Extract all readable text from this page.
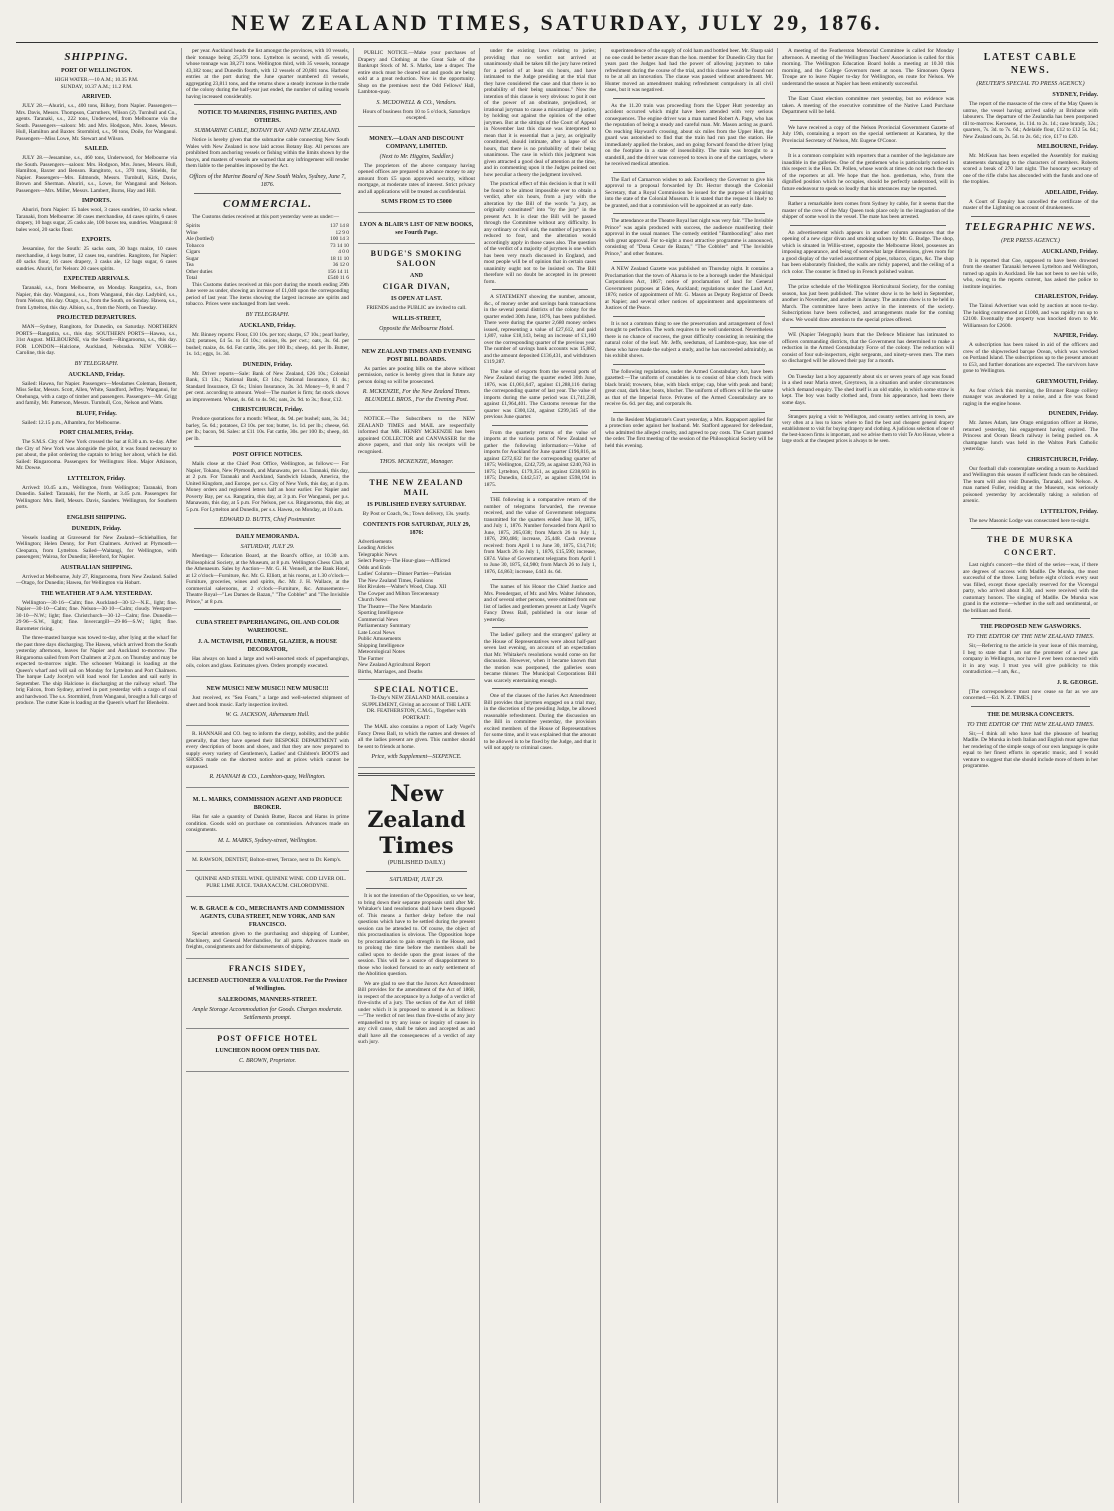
NEW ZEALAND TIMES, SATURDAY, JULY 29, 1876.
SHIPPING.
PORT OF WELLINGTON.
HIGH WATER.—10 A.M.; 10.35 P.M.
SUNDAY, 10.37 A.M.; 11.2 P.M.
ARRIVED.

JULY 28.—Ahuriri, s.s., 400 tons, Bilkey, from Napier. Passengers—Mrs. Davis, Messrs. Thompson, Carruthers, Wilson (2). Turnbull and Co., agents. Taranaki, s.s., 222 tons, Underwood, from Melbourne via the South. Passengers—saloon: Mr. and Mrs. Hodgson, Mrs. Jones, Messrs. Hull, Hamilton and Baxter. Stormbird, s.s., 90 tons, Doile, for Wanganui. Passengers—Miss Lowe, Mr. Stewart and Wilson.

SAILED.

JULY 28.—Jessamine, s.s., 460 tons, Underwood, for Melbourne via the South. Passengers—saloon: Mrs. Hodgson, Mrs. Jones, Messrs. Hull, Hamilton, Baxter and Benson. Rangitoto, s.s., 370 tons, Shields, for Napier. Passengers—Mrs. Edmonds, Messrs. Turnbull, Kirk, Davis, Brown and Sherman. Ahuriri, s.s., Lowe, for Wanganui and Nelson. Passengers—Mrs. Miller, Messrs. Lambert, Burns, Hay and Hill.

IMPORTS.

Ahuriri, from Napier: 15 bales wool, 3 cases sundries, 10 sacks wheat. Taranaki, from Melbourne: 30 cases merchandise, 44 cases spirits, 6 cases drapery, 10 bags sugar, 25 casks ale, 100 boxes tea, sundries. Wanganui: 8 bales wool, 20 sacks flour.

EXPORTS.

Jessamine, for the South: 25 sacks oats, 30 bags maize, 10 cases merchandise, 4 kegs butter, 12 cases tea, sundries. Rangitoto, for Napier: 40 sacks flour, 16 cases drapery, 3 casks ale, 12 bags sugar, 6 cases sundries. Ahuriri, for Nelson: 20 cases spirits.

EXPECTED ARRIVALS.

Taranaki, s.s., from Melbourne, on Monday. Rangatira, s.s., from Napier, this day. Wanganui, s.s., from Wanganui, this day. Ladybird, s.s., from Nelson, this day. Otago, s.s., from the South, on Sunday. Hawea, s.s., from Lyttelton, this day. Albion, s.s., from the North, on Tuesday.

PROJECTED DEPARTURES.

MAN—Sydney, Rangitoto, for Dunedin, on Saturday. NORTHERN PORTS—Rangatira, s.s., this day. SOUTHERN PORTS—Hawea, s.s., 31st August. MELBOURNE, via the South—Ringarooma, s.s., this day. FOR LONDON—Halcione, Auckland, Nebraska. NEW YORK—Caroline, this day.

BY TELEGRAPH.
AUCKLAND, Friday.

Sailed: Hawea, for Napier. Passengers—Mesdames Coleman, Bennett, Miss Sellar, Messrs. Scott, Allen, White, Sandford, Jeffrey. Wanganui, for Onehunga, with a cargo of timber and passengers. Passengers—Mr. Grigg and family, Mr. Patterson, Messrs. Turnbull, Cox, Nelson and Watts.

BLUFF, Friday.

Sailed: 12.15 p.m., Alhambra, for Melbourne.

PORT CHALMERS, Friday.

The S.M.S. City of New York crossed the bar at 8.30 a.m. to-day. After the City of New York was alongside the pilot, it was found necessary to put about, the pilot ordering the captain to bring her about, which he did. Sailed: Ringarooma. Passengers for Wellington: Hon. Major Atkinson, Mr. Dowse.

LYTTELTON, Friday.

Arrived: 10.45 a.m., Wellington, from Wellington; Taranaki, from Dunedin. Sailed: Taranaki, for the North, at 3.45 p.m. Passengers for Wellington: Mrs. Bell, Messrs. Davis, Sanders. Wellington, for Southern ports.

ENGLISH SHIPPING.
DUNEDIN, Friday.

Vessels loading at Gravesend for New Zealand—Schiehallion, for Wellington; Helen Denny, for Port Chalmers. Arrived at Plymouth—Cleopatra, from Lyttelton. Sailed—Waitangi, for Wellington, with passengers; Wairoa, for Dunedin; Hereford, for Napier.

AUSTRALIAN SHIPPING.

Arrived at Melbourne, July 27, Ringarooma, from New Zealand. Sailed—Otago, for Dunedin; Hawea, for Wellington via Hobart.

THE WEATHER AT 9 A.M. YESTERDAY.

Wellington—30·16—Calm; fine. Auckland—30·12—N.E., light; fine. Napier—30·10—Calm; fine. Nelson—30·10—Calm; cloudy. Westport—30·10—N.W.; light; fine. Christchurch—30·12—Calm; fine. Dunedin—29·96—S.W., light; fine. Invercargill—29·86—S.W.; light; fine. Barometer rising.

The three-masted barque was towed to-day, after lying at the wharf for the past three days discharging. The Hawea, which arrived from the South yesterday afternoon, leaves for Napier and Auckland to-morrow. The Ringarooma sailed from Port Chalmers at 2 p.m. on Thursday and may be expected to-morrow night. The schooner Waitangi is loading at the Queen's wharf and will sail on Monday for Lyttelton and Port Chalmers. The barque Lady Jocelyn will load wool for London and sail early in September. The ship Halcione is discharging at the railway wharf. The brig Falcon, from Sydney, arrived in port yesterday with a cargo of coal and hardwood. The s.s. Stormbird, from Wanganui, brought a full cargo of produce. The cutter Kate is loading at the Queen's wharf for Blenheim.

per year. Auckland heads the list amongst the provinces, with 10 vessels, their tonnage being 25,379 tons. Lyttelton is second, with 45 vessels, whose tonnage was 38,271 tons. Wellington third, with 35 vessels, tonnage 43,182 tons; and Dunedin fourth, with 12 vessels of 20,881 tons. Harbour entries at the port during the June quarter numbered 41 vessels, aggregating 23,811 tons, and the returns show a steady increase in the trade of the colony during the half-year just ended, the number of sailing vessels having increased considerably.

NOTICE TO MARINERS, FISHING PARTIES, AND OTHERS.
SUBMARINE CABLE, BOTANY BAY AND NEW ZEALAND.

Notice is hereby given that the submarine cable connecting New South Wales with New Zealand is now laid across Botany Bay. All persons are prohibited from anchoring vessels or fishing within the limits shown by the buoys, and masters of vessels are warned that any infringement will render them liable to the penalties imposed by the Act.

Offices of the Marine Board of New South Wales, Sydney, June 7, 1876.
COMMERCIAL.

The Customs duties received at this port yesterday were as under:—

Spirits	137 14 8
Wine	12 9 0
Ale (bottled)	100 14 3
Tobacco	73 14 10
Cigars	4 0 0
Sugar	18 11 10
Tea	36 12 0
Other duties	156 14 11
Total	£540 11 6

This Customs duties received at this port during the month ending 29th June were as under, showing an increase of £1,040 upon the corresponding period of last year. The items showing the largest increase are spirits and tobacco. Prices were unchanged from last week.

BY TELEGRAPH.
AUCKLAND, Friday.

Mr. Binney reports: Flour, £10 10s. per ton; sharps, £7 10s.; pearl barley, £24; potatoes, £4 5s. to £4 10s.; onions, 8s. per cwt.; oats, 3s. 6d. per bushel; maize, 4s. 6d. Fat cattle, 30s. per 100 lb.; sheep, 4d. per lb. Butter, 1s. 1d.; eggs, 1s. 3d.

DUNEDIN, Friday.

Mr. Driver reports—Sale: Bank of New Zealand, £26 10s.; Colonial Bank, £1 13s.; National Bank, £3 14s.; National Insurance, £1 4s.; Standard Insurance, £3 6s.; Union Insurance, 3s. 3d. Money—9, 8 and 7 per cent. according to amount. Wool—The market is firm; fat stock shows an improvement. Wheat, 4s. 6d. to 4s. 9d.; oats, 2s. 9d. to 3s.; flour, £12.

CHRISTCHURCH, Friday.

Produce quotations for a month: Wheat, 4s. 9d. per bushel; oats, 3s. 3d.; barley, 5s. 6d.; potatoes, £3 10s. per ton; butter, 1s. 1d. per lb.; cheese, 6d. per lb.; bacon, 9d. Sales: at £11 10s. Fat cattle, 30s. per 100 lb.; sheep, 4d. per lb.

POST OFFICE NOTICES.

Mails close at the Chief Post Office, Wellington, as follows:— For Napier, Tokano, New Plymouth, and Manawatu, per s.s. Taranaki, this day, at 2 p.m. For Taranaki and Auckland, Sandwich Islands, America, the United Kingdom, and Europe, per s.s. City of New York, this day, at 4 p.m. Money orders and registered letters half an hour earlier. For Napier and Poverty Bay, per s.s. Rangatira, this day, at 3 p.m. For Wanganui, per p.s. Manawatu, this day, at 5 p.m. For Nelson, per s.s. Ringarooma, this day, at 5 p.m. For Lyttelton and Dunedin, per s.s. Hawea, on Monday, at 10 a.m.

EDWARD D. BUTTS, Chief Postmaster.
DAILY MEMORANDA.
SATURDAY, JULY 29.

Meetings— Education Board, at the Board's office, at 10.30 a.m. Philosophical Society, at the Museum, at 8 p.m. Wellington Chess Club, at the Athenaeum. Sales by Auction— Mr. G. H. Vennell, at the Bank Hotel, at 12 o'clock—Furniture, &c. Mr. G. Elliott, at his rooms, at 1.30 o'clock—Furniture, groceries, wines and spirits, &c. Mr. J. H. Wallace, at the commercial salerooms, at 2 o'clock—Furniture, &c. Amusements— Theatre Royal—"Les Dames de Bazan," "The Cobbler" and "The Invisible Prince," at 8 p.m.

CUBA STREET PAPERHANGING, OIL AND COLOR WAREHOUSE.
J. A. MCTAVISH, PLUMBER, GLAZIER, & HOUSE DECORATOR,

Has always on hand a large and well-assorted stock of paperhangings, oils, colors and glass. Estimates given. Orders promptly executed.

NEW MUSIC! NEW MUSIC!! NEW MUSIC!!!

Just received, ex "Sea Foam," a large and well-selected shipment of sheet and book music. Early inspection invited.

W. G. JACKSON, Athenaeum Hall.

R. HANNAH and CO. beg to inform the clergy, nobility, and the public generally, that they have opened their BESPOKE DEPARTMENT with every description of boots and shoes, and that they are now prepared to supply every variety of Gentlemen's, Ladies' and Children's BOOTS and SHOES made on the shortest notice and at prices which cannot be surpassed.

R. HANNAH & CO., Lambton-quay, Wellington.
M. L. MARKS, COMMISSION AGENT AND PRODUCE BROKER.

Has for sale a quantity of Danish Butter, Bacon and Hams in prime condition. Goods sold on purchase on commission. Advances made on consignments.

M. L. MARKS, Sydney-street, Wellington.

M. RAWSON, DENTIST, Bolton-street, Terrace, next to Dr. Kemp's.

QUININE AND STEEL WINE. QUININE WINE. COD LIVER OIL. PURE LIME JUICE. TARAXACUM. CHLORODYNE.

W. B. GRACE & CO., MERCHANTS AND COMMISSION AGENTS, CUBA STREET, NEW YORK, AND SAN FRANCISCO.

Special attention given to the purchasing and shipping of Lumber, Machinery, and General Merchandise, for all parts. Advances made on freights, consignments and for disbursements of shipping.

FRANCIS SIDEY,
LICENSED AUCTIONEER & VALUATOR. For the Province of Wellington.
SALEROOMS, MANNERS-STREET.
Ample Storage Accommodation for Goods. Charges moderate. Settlements prompt.
POST OFFICE HOTEL
LUNCHEON ROOM OPEN THIS DAY.
C. BROWN, Proprietor.

PUBLIC NOTICE.—Make your purchases of Drapery and Clothing at the Great Sale of the Bankrupt Stock of M. S. Marks, late a draper. The entire stock must be cleared out and goods are being sold at a great reduction. Now is the opportunity. Shop on the premises next the Odd Fellows' Hall, Lambton-quay.

S. MCDOWELL & CO., Vendors.
Hours of business from 10 to 5 o'clock, Saturdays excepted.
MONEY.—LOAN AND DISCOUNT COMPANY, LIMITED.
(Next to Mr. Higgins, Saddler.)

The proprietors of the above company having opened offices are prepared to advance money to any amount from £5 upon approved security, without mortgage, at moderate rates of interest. Strict privacy and all applications will be treated as confidential.

SUMS FROM £5 TO £5000
LYON & BLAIR'S LIST OF NEW BOOKS, see Fourth Page.
BUDGE'S SMOKING SALOON
AND
CIGAR DIVAN,
IS OPEN AT LAST.
FRIENDS and the PUBLIC are invited to call.
WILLIS-STREET,
Opposite the Melbourne Hotel.
NEW ZEALAND TIMES AND EVENING POST BILL BOARDS.

As parties are posting bills on the above without permission, notice is hereby given that in future any person doing so will be prosecuted.

R. MCKENZIE, For the New Zealand Times. BLUNDELL BROS., For the Evening Post.

NOTICE.—The Subscribers to the NEW ZEALAND TIMES and MAIL are respectfully informed that MR. HENRY MCKENZIE has been appointed COLLECTOR and CANVASSER for the above papers, and that only his receipts will be recognised.

THOS. MCKENZIE, Manager.
THE NEW ZEALAND MAIL
IS PUBLISHED EVERY SATURDAY.
By Post or Coach, 9s.; Town delivery, 13s. yearly.
CONTENTS FOR SATURDAY, JULY 29, 1876:
Advertisements
Leading Articles
Telegraphic News
Select Poetry—The Hour-glass—Afflicted
Odds and Ends
Ladies' Column—Dinner Parties—Parisian
The New Zealand Times, Fashions
Hot Rivulets—Walter's Wood, Chap. XII
The Cowper and Milton Tercentenary
Church News
The Theatre—The New Mandarin
Sporting Intelligence
Commercial News
Parliamentary Summary
Late Local News
Public Amusements
Shipping Intelligence
Meteorological Notes
The Farmer
New Zealand Agricultural Report
Births, Marriages, and Deaths
SPECIAL NOTICE.

To-Day's NEW ZEALAND MAIL contains a SUPPLEMENT, Giving an account of THE LATE DR. FEATHERSTON, C.M.G., Together with PORTRAIT:

The MAIL also contains a report of Lady Vogel's Fancy Dress Ball, to which the names and dresses of all the ladies present are given. This number should be sent to friends at home.

Price, with Supplement—SIXPENCE.
New Zealand Times
(PUBLISHED DAILY.)
SATURDAY, JULY 29.

It is not the intention of the Opposition, so we hear, to bring down their separate proposals until after Mr. Whitaker's land resolutions shall have been disposed of. This means a further delay before the real questions which have to be settled during the present session can be attended to. Of course, the object of this procrastination is obvious. The Opposition hope by procrastination to gain strength in the House, and to prolong the time before the members shall be called upon to decide upon the great issues of the session. This will be a source of disappointment to those who looked forward to an early settlement of the Abolition question.

We are glad to see that the Jurors Act Amendment Bill provides for the amendment of the Act of 1868, in respect of the acceptance by a Judge of a verdict of five-sixths of a jury. The section of the Act of 1868 under which it is proposed to amend is as follows:—"The verdict of not less than five-sixths of any jury empanelled to try any issue or inquiry of causes in any civil cause, shall be taken and accepted as and shall have all the consequences of a verdict of any such jury.

under the existing laws relating to juries; providing that no verdict not arrived at unanimously shall be taken till the jury have retired for a period of at least six hours, and have intimated to the Judge presiding at the trial that they have considered the case and that there is no probability of their being unanimous." Now the intention of this clause is very obvious: to put it out of the power of an obstinate, prejudiced, or irrational juryman to cause a miscarriage of justice, by holding out against the opinion of the other jurymen. But at the sittings of the Court of Appeal in November last this clause was interpreted to mean that it is essential that a jury, as originally constituted, should intimate, after a lapse of six hours, that there is no probability of their being unanimous. The case in which this judgment was given attracted a good deal of attention at the time, and in commenting upon it the Judges pointed out how peculiar a theory the judgment involved.

The practical effect of this decision is that it will be found to be almost impossible ever to obtain a verdict, after six hours, from a jury with the alteration by the Bill of the words "a jury, as originally constituted" into "by the jury" in the present Act. It is clear the Bill will be passed through the Committee without any difficulty. In any ordinary or civil suit, the number of jurymen is reduced to four, and the alteration would accordingly apply in those cases also. The question of the verdict of a majority of jurymen is one which has been very much discussed in England, and most people will be of opinion that in certain cases unanimity ought not to be insisted on. The Bill therefore will no doubt be accepted in its present form.

A STATEMENT showing the number, amount, &c., of money order and savings bank transactions in the several postal districts of the colony for the quarter ended 30th June, 1876, has been published. There were during the quarter 2,680 money orders issued, representing a value of £27,612, and paid 1,807, value £18,143, being an increase of £1,160 over the corresponding quarter of the previous year. The number of savings bank accounts was 15,882, and the amount deposited £136,431, and withdrawn £119,287.

The value of exports from the several ports of New Zealand during the quarter ended 30th June, 1876, was £1,061,647, against £1,288,116 during the corresponding quarter of last year. The value of imports during the same period was £1,741,238, against £1,964,401. The Customs revenue for the quarter was £300,124, against £299,345 of the previous June quarter.

From the quarterly returns of the value of imports at the various ports of New Zealand we gather the following information:—Value of imports for Auckland for June quarter £196,816, as against £272,632 for the corresponding quarter of 1875; Wellington, £242,729, as against £240,763 in 1875; Lyttelton, £179,351, as against £238,603 in 1875; Dunedin, £442,517, as against £598,194 in 1875.

THE following is a comparative return of the number of telegrams forwarded, the revenue received, and the value of Government telegrams transmitted for the quarters ended June 30, 1875, and July 1, 1876. Number forwarded from April to June, 1875, 265,038; from March 26 to July 1, 1876, 290,486; increase, 25,448. Cash revenue received: from April 1 to June 30, 1875, £14,716; from March 26 to July 1, 1876, £15,590; increase, £874. Value of Government telegrams from April 1 to June 30, 1875, £4,980; from March 26 to July 1, 1876, £4,863; increase, £443 4s. 6d.

The names of his Honor the Chief Justice and Mrs. Prendergast, of Mr. and Mrs. Walter Johnston, and of several other persons, were omitted from our list of ladies and gentlemen present at Lady Vogel's Fancy Dress Ball, published in our issue of yesterday.

The ladies' gallery and the strangers' gallery at the House of Representatives were about half-past seven last evening, on account of an expectation that Mr. Whitaker's resolutions would come on for discussion. However, when it became known that the motion was postponed, the galleries soon became thinner. The Municipal Corporations Bill was scarcely entertaining enough.

One of the clauses of the Juries Act Amendment Bill provides that jurymen engaged on a trial may, in the discretion of the presiding Judge, be allowed reasonable refreshment. During the discussion on the Bill in committee yesterday, the provision excited members of the House of Representatives for some time, and it was explained that the amount to be allowed is to be fixed by the Judge, and that it will not apply to criminal cases.

superintendence of the supply of cold ham and bottled beer. Mr. Sharp said no one could be better aware than the hon. member for Dunedin City that for years past the Judges had had the power of allowing jurymen to take refreshment during the course of the trial, and this clause would be found not to be at all an innovation. The clause was passed without amendment. Mr. Hunter moved an amendment making refreshment compulsory in all civil cases, but it was negatived.

As the 11.20 train was proceeding from the Upper Hutt yesterday an accident occurred which might have been attended with very serious consequences. The engine driver was a man named Robert A. Page, who has the reputation of being a steady and careful man. Mr. Mason acting as guard. On reaching Hayward's crossing, about six miles from the Upper Hutt, the guard was astonished to find that the train had run past the station. He immediately applied the brakes, and on going forward found the driver lying on the footplate in a state of insensibility. The train was brought to a standstill, and the driver was conveyed to town in one of the carriages, where he received medical attention.

The Earl of Carnarvon wishes to ask Excellency the Governor to give his approval to a proposal forwarded by Dr. Hector through the Colonial Secretary, that a Royal Commission be issued for the purpose of inquiring into the state of the Colonial Museum. It is stated that the request is likely to be granted, and that a commission will be appointed at an early date.

The attendance at the Theatre Royal last night was very fair. "The Invisible Prince" was again produced with success, the audience manifesting their approval in the usual manner. The comedy entitled "Bamboozling" also met with great approval. For to-night a most attractive programme is announced, consisting of "Dona Cesar de Bazan," "The Cobbler" and "The Invisible Prince," and other features.

A NEW Zealand Gazette was published on Thursday night. It contains a Proclamation that the town of Akaroa is to be a borough under the Municipal Corporations Act, 1867; notice of proclamation of land for General Government purposes at Eden, Auckland; regulations under the Land Act, 1876; notice of appointment of Mr. G. Mason as Deputy Registrar of Deeds at Napier; and several other notices of appointment and appointments of Justices of the Peace.

It is not a common thing to see the preservation and arrangement of fowl brought to perfection. The work requires to be well understood. Nevertheless there is no chance of success, the great difficulty consisting in retaining the natural color of the leaf. Mr. Jeffs, seedsman, of Lambton-quay, has one of these who have made the subject a study, and he has succeeded admirably, as his exhibit shows.

The following regulations, under the Armed Constabulary Act, have been gazetted:—The uniform of constables is to consist of blue cloth frock with black braid; trowsers, blue, with black stripe; cap, blue with peak and band; great coat, dark blue; boots, blucher. The uniform of officers will be the same as that of the Imperial force. Privates of the Armed Constabulary are to receive 6s. 6d. per day, and corporals 8s.

In the Resident Magistrate's Court yesterday, a Mrs. Rappaport applied for a protection order against her husband. Mr. Stafford appeared for defendant, who admitted the alleged cruelty, and agreed to pay costs. The Court granted the order. The first meeting of the session of the Philosophical Society will be held this evening.

A meeting of the Featherston Memorial Committee is called for Monday afternoon. A meeting of the Wellington Teachers' Association is called for this morning. The Wellington Education Board holds a meeting at 10.30 this morning, and the College Governors meet at noon. The Simonsen Opera Troupe are to leave Napier to-day for Wellington, en route for Nelson. We understand the season at Napier has been eminently successful.

The East Coast election committee met yesterday, but no evidence was taken. A meeting of the executive committee of the Native Land Purchase Department will be held.

We have received a copy of the Nelson Provincial Government Gazette of July 19th, containing a report on the special settlement at Karamea, by the Provincial Secretary of Nelson, Mr. Eugene O'Conor.

It is a common complaint with reporters that a number of the legislature are inaudible in the galleries. One of the gentlemen who is particularly noticed in this respect is the Hon. Dr. Pollen, whose words at times do not reach the ears of the reporters at all. We hope that the hon. gentleman, who, from the dignified position which he occupies, should be perfectly understood, will in future endeavour to speak so loudly that his utterances may be reported.

Rather a remarkable item comes from Sydney by cable, for it seems that the master of the crew of the May Queen took place only in the imagination of the shipper of some wool in the vessel. The mate has been arrested.

An advertisement which appears in another column announces that the opening of a new cigar divan and smoking saloon by Mr. G. Budge. The shop, which is situated in Willis-street, opposite the Melbourne Hotel, possesses an imposing appearance, and being of somewhat large dimensions, gives room for a good display of the varied assortment of pipes, tobacco, cigars, &c. The shop has been elaborately finished, the walls are richly papered, and the ceiling of a rich color. The counter is fitted up in French polished walnut.

The prize schedule of the Wellington Horticultural Society, for the coming season, has just been published. The winter show is to be held in September, another in November, and another in January. The autumn show is to be held in March. The committee have been active in the interests of the society. Subscriptions have been collected, and arrangements made for the coming show. We would draw attention to the special prizes offered.

WE (Napier Telegraph) learn that the Defence Minister has intimated to officers commanding districts, that the Government has determined to make a reduction in the Armed Constabulary Force of the colony. The reduction will consist of four sub-inspectors, eight sergeants, and ninety-seven men. The men so discharged will be allowed their pay for a month.

On Tuesday last a boy apparently about six or seven years of age was found in a shed near Maria street, Greytown, in a situation and under circumstances which demand enquiry. The shed itself is an old stable, in which some straw is kept. The boy was badly clothed and, from his appearance, had been there some days.

Strangers paying a visit to Wellington, and country settlers arriving in town, are very often at a loss to know where to find the best and cheapest general drapery establishment to visit for buying drapery and clothing. A judicious selection of one of the best-known firms is important, and we advise them to visit Te Aro House, where a large stock at the cheapest prices is always to be seen.

LATEST CABLE NEWS.
(REUTER'S SPECIAL TO PRESS AGENCY.)
SYDNEY, Friday.

The report of the massacre of the crew of the May Queen is untrue, the vessel having arrived safely at Brisbane with labourers. The departure of the Zealandia has been postponed till to-morrow. Kerosene, 1s. 11d. to 2s. 1d.; case brandy, 32s.; quarters, 7s. 3d. to 7s. 6d.; Adelaide flour, £12 to £12 5s. 6d.; New Zealand oats, 2s. 5d. to 2s. 6d.; rice, £17 to £20.

MELBOURNE, Friday.

Mr. McKean has been expelled the Assembly for making statements damaging to the characters of members. Roberts scored a break of 270 last night. The honorary secretary of one of the rifle clubs has absconded with the funds and one of the trophies.

ADELAIDE, Friday.

A Court of Enquiry has cancelled the certificate of the master of the Lightning on account of drunkenness.

TELEGRAPHIC NEWS.
(PER PRESS AGENCY.)
AUCKLAND, Friday.

It is reported that Coe, supposed to have been drowned from the steamer Taranaki between Lyttelton and Wellington, turned up again in Auckland. He has not been to see his wife, who, owing to the reports current, has asked the police to institute inquiries.

CHARLESTON, Friday.

The Tainui Advertiser was sold by auction at noon to-day. The holding commenced at £1000, and was rapidly run up to £2100. Eventually the property was knocked down to Mr. Williamson for £2600.

NAPIER, Friday.

A subscription has been raised in aid of the officers and crew of the shipwrecked barque Ocean, which was wrecked on Portland Island. The subscriptions up to the present amount to £53, and further donations are expected. The survivors have gone to Wellington.

GREYMOUTH, Friday.

As four o'clock this morning, the Brunner Range colliery manager was awakened by a noise, and a fire was found raging in the engine house.

DUNEDIN, Friday.

Mr. James Adam, late Otago emigration officer at Home, returned yesterday, his engagement having expired. The Princess and Ocean Beach railway is being pushed on. A champagne lunch was held in the Walton Park Catholic yesterday.

CHRISTCHURCH, Friday.

Our football club contemplate sending a team to Auckland and Wellington this season if sufficient funds can be obtained. The team will also visit Dunedin, Taranaki, and Nelson. A man named Fuller, residing at the Museum, was seriously poisoned yesterday by accidentally taking a solution of arsenic.

LYTTELTON, Friday.

The new Masonic Lodge was consecrated here to-night.

THE DE MURSKA CONCERT.

Last night's concert—the third of the series—was, if there are degrees of success with Madlle. De Murska, the most successful of the three. Long before eight o'clock every seat was filled, except those specially reserved for the Viceregal party, who arrived about 8.30, and were received with the customary honors. The singing of Madlle. De Murska was grand in the extreme—whether in the soft and sentimental, or the brilliant and florid.

THE PROPOSED NEW GASWORKS.
TO THE EDITOR OF THE NEW ZEALAND TIMES.

Sir,—Referring to the article in your issue of this morning, I beg to state that I am not the promoter of a new gas company in Wellington, nor have I ever been connected with it in any way. I trust you will give publicity to this contradiction.—I am, &c.,

J. R. GEORGE.

[The correspondence must now cease so far as we are concerned.—Ed. N. Z. TIMES.]

THE DE MURSKA CONCERTS.
TO THE EDITOR OF THE NEW ZEALAND TIMES.

Sir,—I think all who have had the pleasure of hearing Madlle. De Murska in both Italian and English must agree that her rendering of the simple songs of our own language is quite equal to her finest efforts in operatic music, and I would venture to suggest that she should include more of them in her programme.
